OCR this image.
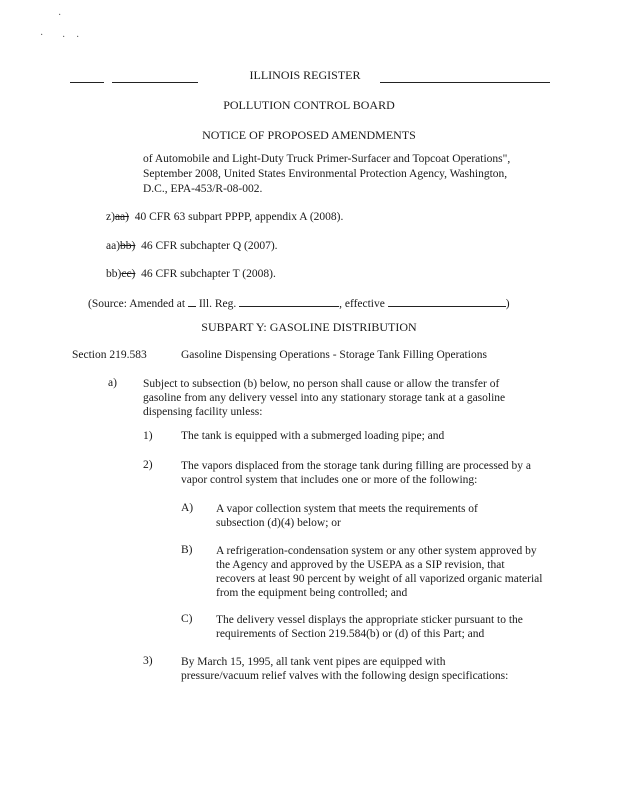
·
· · ·
ILLINOIS REGISTER
POLLUTION CONTROL BOARD
NOTICE OF PROPOSED AMENDMENTS
of Automobile and Light-Duty Truck Primer-Surfacer and Topcoat Operations", September 2008, United States Environmental Protection Agency, Washington, D.C., EPA-453/R-08-002.
z)aa) 40 CFR 63 subpart PPPP, appendix A (2008).
aa)bb) 46 CFR subchapter Q (2007).
bb)cc) 46 CFR subchapter T (2008).
(Source: Amended at Ill. Reg.	, effective	)
SUBPART Y: GASOLINE DISTRIBUTION
Section 219.583	Gasoline Dispensing Operations - Storage Tank Filling Operations
a) Subject to subsection (b) below, no person shall cause or allow the transfer of gasoline from any delivery vessel into any stationary storage tank at a gasoline dispensing facility unless:
1) The tank is equipped with a submerged loading pipe; and
2) The vapors displaced from the storage tank during filling are processed by a vapor control system that includes one or more of the following:
A) A vapor collection system that meets the requirements of subsection (d)(4) below; or
B) A refrigeration-condensation system or any other system approved by the Agency and approved by the USEPA as a SIP revision, that recovers at least 90 percent by weight of all vaporized organic material from the equipment being controlled; and
C) The delivery vessel displays the appropriate sticker pursuant to the requirements of Section 219.584(b) or (d) of this Part; and
3) By March 15, 1995, all tank vent pipes are equipped with pressure/vacuum relief valves with the following design specifications:
